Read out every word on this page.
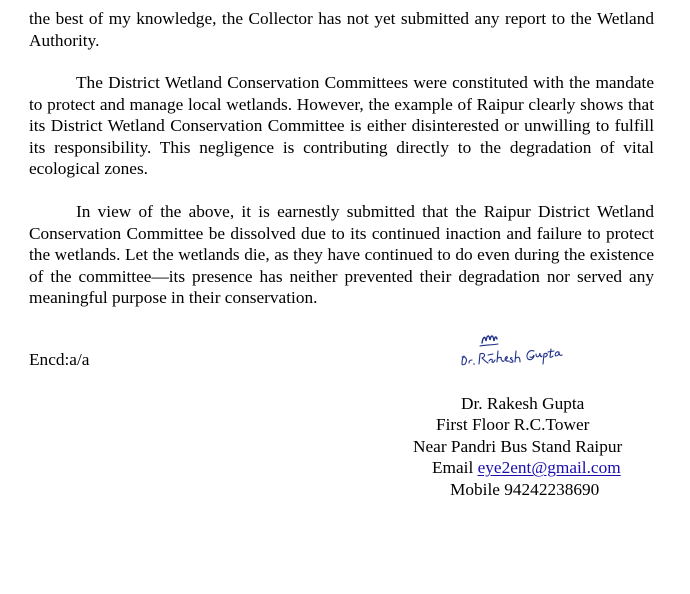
the best of my knowledge, the Collector has not yet submitted any report to the Wetland Authority.

The District Wetland Conservation Committees were constituted with the mandate to protect and manage local wetlands. However, the example of Raipur clearly shows that its District Wetland Conservation Committee is either disinterested or unwilling to fulfill its responsibility. This negligence is contributing directly to the degradation of vital ecological zones.

In view of the above, it is earnestly submitted that the Raipur District Wetland Conservation Committee be dissolved due to its continued inaction and failure to protect the wetlands. Let the wetlands die, as they have continued to do even during the existence of the committee—its presence has neither prevented their degradation nor served any meaningful purpose in their conservation.

Encd:a/a
Dr. Rakesh Gupta
First Floor R.C.Tower
Near Pandri Bus Stand Raipur
Email eye2ent@gmail.com
Mobile 94242238690
